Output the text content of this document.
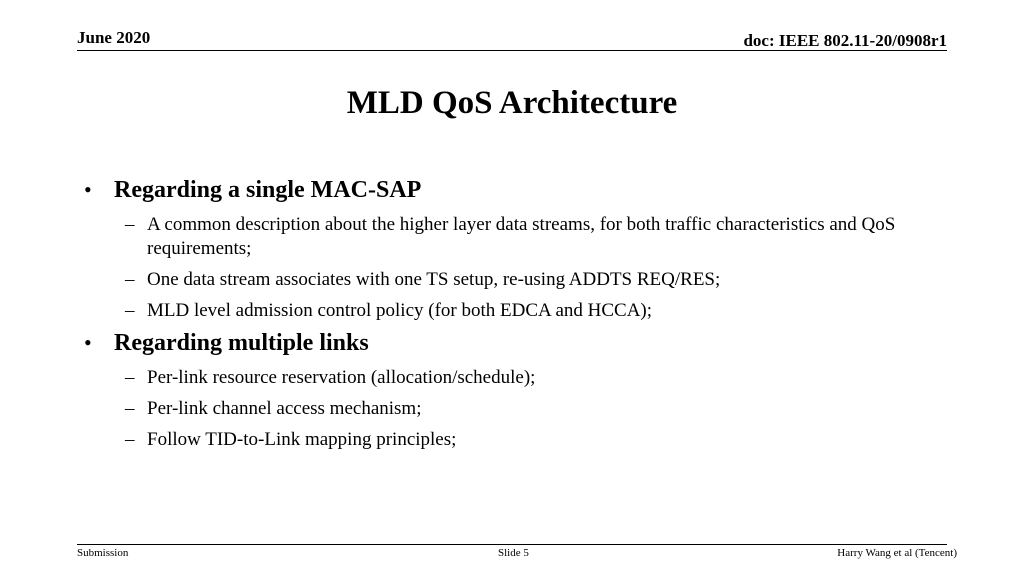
June 2020	doc: IEEE 802.11-20/0908r1
MLD QoS Architecture
• Regarding a single MAC-SAP
– A common description about the higher layer data streams, for both traffic characteristics and QoS requirements;
– One data stream associates with one TS setup, re-using ADDTS REQ/RES;
– MLD level admission control policy (for both EDCA and HCCA);
• Regarding multiple links
– Per-link resource reservation (allocation/schedule);
– Per-link channel access mechanism;
– Follow TID-to-Link mapping principles;
Submission	Slide 5	Harry Wang et al (Tencent)
